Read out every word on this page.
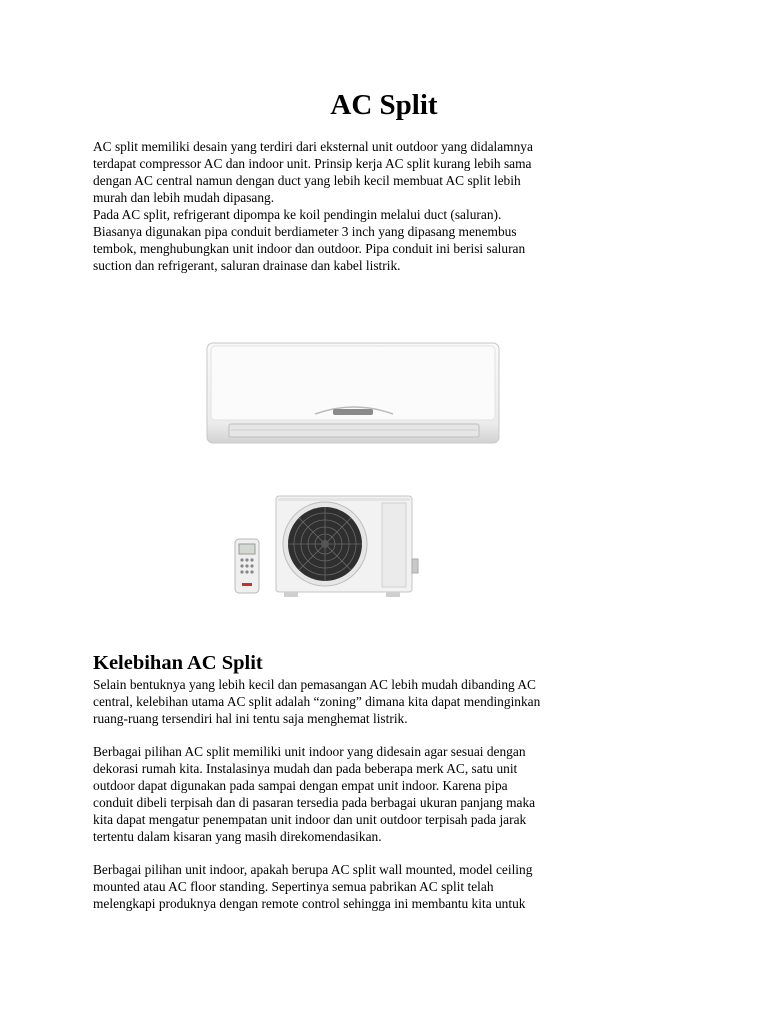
AC Split
AC split memiliki desain yang terdiri dari eksternal unit outdoor yang didalamnya
terdapat compressor AC dan indoor unit. Prinsip kerja AC split kurang lebih sama
dengan AC central namun dengan duct yang lebih kecil membuat AC split lebih
murah dan lebih mudah dipasang.
Pada AC split, refrigerant dipompa ke koil pendingin melalui duct (saluran).
Biasanya digunakan pipa conduit berdiameter 3 inch yang dipasang menembus
tembok, menghubungkan unit indoor dan outdoor. Pipa conduit ini berisi saluran
suction dan refrigerant, saluran drainase dan kabel listrik.
Kelebihan AC Split
Selain bentuknya yang lebih kecil dan pemasangan AC lebih mudah dibanding AC
central, kelebihan utama AC split adalah “zoning” dimana kita dapat mendinginkan
ruang-ruang tersendiri hal ini tentu saja menghemat listrik.
Berbagai pilihan AC split memiliki unit indoor yang didesain agar sesuai dengan
dekorasi rumah kita. Instalasinya mudah dan pada beberapa merk AC, satu unit
outdoor dapat digunakan pada sampai dengan empat unit indoor. Karena pipa
conduit dibeli terpisah dan di pasaran tersedia pada berbagai ukuran panjang maka
kita dapat mengatur penempatan unit indoor dan unit outdoor terpisah pada jarak
tertentu dalam kisaran yang masih direkomendasikan.
Berbagai pilihan unit indoor, apakah berupa AC split wall mounted, model ceiling
mounted atau AC floor standing. Sepertinya semua pabrikan AC split telah
melengkapi produknya dengan remote control sehingga ini membantu kita untuk
